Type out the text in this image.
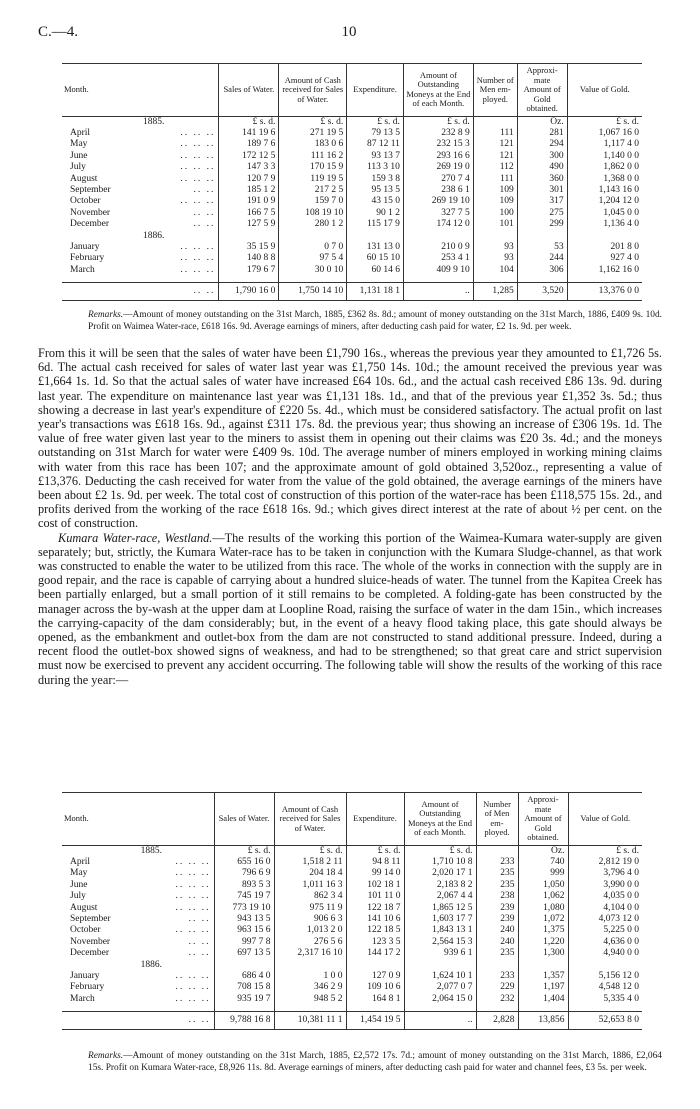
C.—4.	10
Month.	Sales of Water.	Amount of Cash received for Sales of Water.	Expenditure.	Amount of Outstanding Moneys at the End of each Month.	Number of Men em-ployed.	Approxi-mate Amount of Gold obtained.	Value of Gold.
1885.	£ s. d.	£ s. d.	£ s. d.	£ s. d.		Oz.	£ s. d.
April .. .. ..	141 19 6	271 19 5	79 13 5	232 8 9	111	281	1,067 16 0
May .. .. ..	189 7 6	183 0 6	87 12 11	232 15 3	121	294	1,117 4 0
June .. .. ..	172 12 5	111 16 2	93 13 7	293 16 6	121	300	1,140 0 0
July .. .. ..	147 3 3	170 15 9	113 3 10	269 19 0	112	490	1,862 0 0
August .. .. ..	120 7 9	119 19 5	159 3 8	270 7 4	111	360	1,368 0 0
September .. ..	185 1 2	217 2 5	95 13 5	238 6 1	109	301	1,143 16 0
October .. .. ..	191 0 9	159 7 0	43 15 0	269 19 10	109	317	1,204 12 0
November .. ..	166 7 5	108 19 10	90 1 2	327 7 5	100	275	1,045 0 0
December .. ..	127 5 9	280 1 2	115 17 9	174 12 0	101	299	1,136 4 0
1886.							
January .. .. ..	35 15 9	0 7 0	131 13 0	210 0 9	93	53	201 8 0
February .. .. ..	140 8 8	97 5 4	60 15 10	253 4 1	93	244	927 4 0
March .. .. ..	179 6 7	30 0 10	60 14 6	409 9 10	104	306	1,162 16 0

.. ..	1,790 16 0	1,750 14 10	1,131 18 1	..	1,285	3,520	13,376 0 0
Remarks.—Amount of money outstanding on the 31st March, 1885, £362 8s. 8d.; amount of money outstanding on the 31st March, 1886, £409 9s. 10d. Profit on Waimea Water-race, £618 16s. 9d. Average earnings of miners, after deducting cash paid for water, £2 1s. 9d. per week.

From this it will be seen that the sales of water have been £1,790 16s., whereas the previous year they amounted to £1,726 5s. 6d. The actual cash received for sales of water last year was £1,750 14s. 10d.; the amount received the previous year was £1,664 1s. 1d. So that the actual sales of water have increased £64 10s. 6d., and the actual cash received £86 13s. 9d. during last year. The expenditure on maintenance last year was £1,131 18s. 1d., and that of the previous year £1,352 3s. 5d.; thus showing a decrease in last year's expenditure of £220 5s. 4d., which must be considered satisfactory. The actual profit on last year's transactions was £618 16s. 9d., against £311 17s. 8d. the previous year; thus showing an increase of £306 19s. 1d. The value of free water given last year to the miners to assist them in opening out their claims was £20 3s. 4d.; and the moneys outstanding on 31st March for water were £409 9s. 10d. The average number of miners employed in working mining claims with water from this race has been 107; and the approximate amount of gold obtained 3,520oz., representing a value of £13,376. Deducting the cash received for water from the value of the gold obtained, the average earnings of the miners have been about £2 1s. 9d. per week. The total cost of construction of this portion of the water-race has been £118,575 15s. 2d., and profits derived from the working of the race £618 16s. 9d.; which gives direct interest at the rate of about ½ per cent. on the cost of construction.

Kumara Water-race, Westland.—The results of the working this portion of the Waimea-Kumara water-supply are given separately; but, strictly, the Kumara Water-race has to be taken in conjunction with the Kumara Sludge-channel, as that work was constructed to enable the water to be utilized from this race. The whole of the works in connection with the supply are in good repair, and the race is capable of carrying about a hundred sluice-heads of water. The tunnel from the Kapitea Creek has been partially enlarged, but a small portion of it still remains to be completed. A folding-gate has been constructed by the manager across the by-wash at the upper dam at Loopline Road, raising the surface of water in the dam 15in., which increases the carrying-capacity of the dam considerably; but, in the event of a heavy flood taking place, this gate should always be opened, as the embankment and outlet-box from the dam are not constructed to stand additional pressure. Indeed, during a recent flood the outlet-box showed signs of weakness, and had to be strengthened; so that great care and strict supervision must now be exercised to prevent any accident occurring. The following table will show the results of the working of this race during the year:—

Month.	Sales of Water.	Amount of Cash received for Sales of Water.	Expenditure.	Amount of Outstanding Moneys at the End of each Month.	Number of Men em-ployed.	Approxi-mate Amount of Gold obtained.	Value of Gold.
1885.	£ s. d.	£ s. d.	£ s. d.	£ s. d.		Oz.	£ s. d.
April .. .. ..	655 16 0	1,518 2 11	94 8 11	1,710 10 8	233	740	2,812 19 0
May .. .. ..	796 6 9	204 18 4	99 14 0	2,020 17 1	235	999	3,796 4 0
June .. .. ..	893 5 3	1,011 16 3	102 18 1	2,183 8 2	235	1,050	3,990 0 0
July .. .. ..	745 19 7	862 3 4	101 11 0	2,067 4 4	238	1,062	4,035 0 0
August .. .. ..	773 19 10	975 11 9	122 18 7	1,865 12 5	239	1,080	4,104 0 0
September .. ..	943 13 5	906 6 3	141 10 6	1,603 17 7	239	1,072	4,073 12 0
October .. .. ..	963 15 6	1,013 2 0	122 18 5	1,843 13 1	240	1,375	5,225 0 0
November .. ..	997 7 8	276 5 6	123 3 5	2,564 15 3	240	1,220	4,636 0 0
December .. ..	697 13 5	2,317 16 10	144 17 2	939 6 1	235	1,300	4,940 0 0
1886.							
January .. .. ..	686 4 0	1 0 0	127 0 9	1,624 10 1	233	1,357	5,156 12 0
February .. .. ..	708 15 8	346 2 9	109 10 6	2,077 0 7	229	1,197	4,548 12 0
March .. .. ..	935 19 7	948 5 2	164 8 1	2,064 15 0	232	1,404	5,335 4 0

.. ..	9,788 16 8	10,381 11 1	1,454 19 5	..	2,828	13,856	52,653 8 0
Remarks.—Amount of money outstanding on the 31st March, 1885, £2,572 17s. 7d.; amount of money outstanding on the 31st March, 1886, £2,064 15s. Profit on Kumara Water-race, £8,926 11s. 8d. Average earnings of miners, after deducting cash paid for water and channel fees, £3 5s. per week.
